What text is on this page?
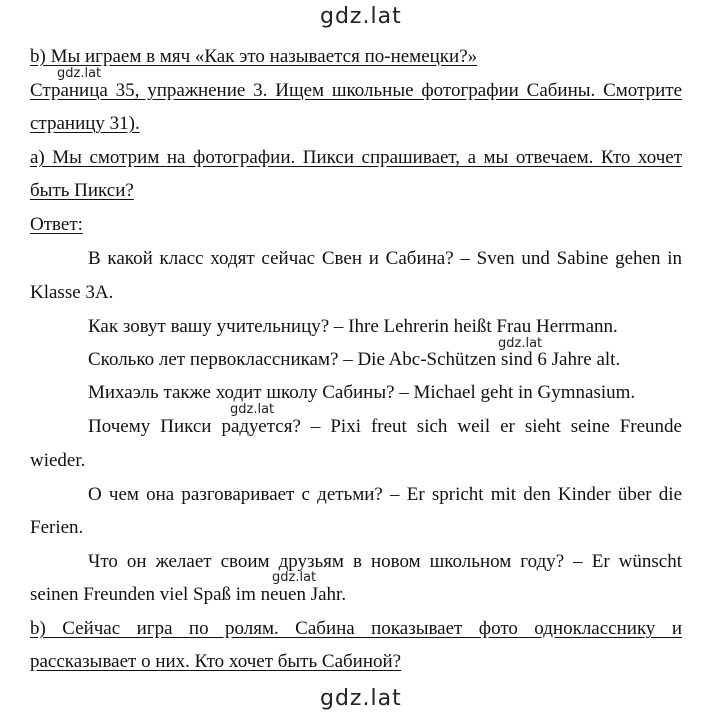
gdz.lat
b) Мы играем в мяч «Как это называется по-немецки?»
gdz.lat
Страница 35, упражнение 3. Ищем школьные фотографии Сабины. Смотрите
страницу 31).
а) Мы смотрим на фотографии. Пикси спрашивает, а мы отвечаем. Кто хочет
быть Пикси?
Ответ:
В какой класс ходят сейчас Свен и Сабина? – Sven und Sabine gehen in
Klasse 3A.
Как зовут вашу учительницу? – Ihre Lehrerin heißt Frau Herrmann.
gdz.lat
Сколько лет первоклассникам? – Die Abc-Schützen sind 6 Jahre alt.
Михаэль также ходит школу Сабины? – Michael geht in Gymnasium.
gdz.lat
Почему Пикси радуется? – Pixi freut sich weil er sieht seine Freunde
wieder.
О чем она разговаривает с детьми? – Er spricht mit den Kinder über die
Ferien.
Что он желает своим друзьям в новом школьном году? – Er wünscht
gdz.lat
seinen Freunden viel Spaß im neuen Jahr.
b) Сейчас игра по ролям. Сабина показывает фото однокласснику и
рассказывает о них. Кто хочет быть Сабиной?
gdz.lat
